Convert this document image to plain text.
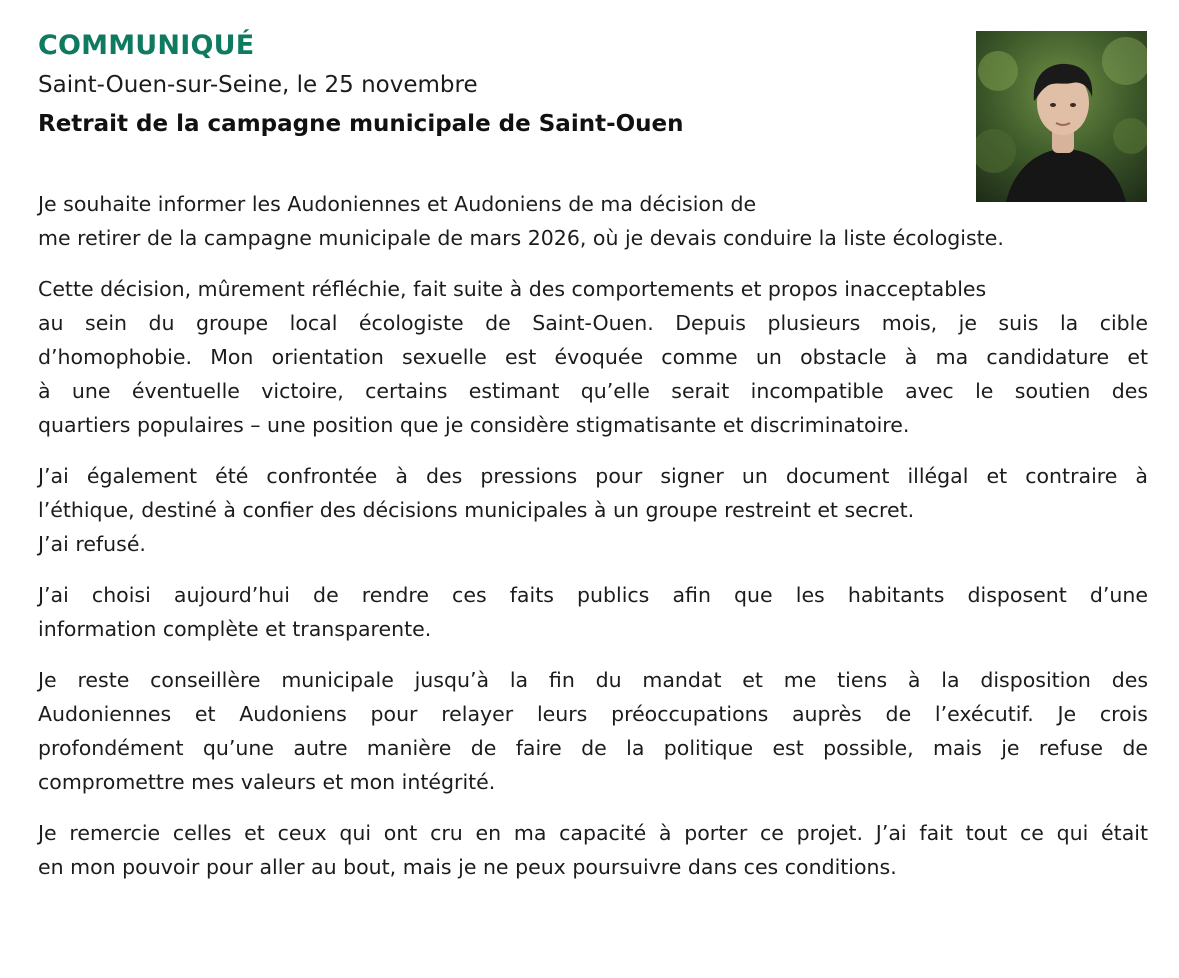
COMMUNIQUÉ
Saint-Ouen-sur-Seine, le 25 novembre
Retrait de la campagne municipale de Saint-Ouen
Je souhaite informer les Audoniennes et Audoniens de ma décision de
me retirer de la campagne municipale de mars 2026, où je devais conduire la liste écologiste.
Cette décision, mûrement réfléchie, fait suite à des comportements et propos inacceptables
au sein du groupe local écologiste de Saint-Ouen. Depuis plusieurs mois, je suis la cible
d’homophobie. Mon orientation sexuelle est évoquée comme un obstacle à ma candidature et
à une éventuelle victoire, certains estimant qu’elle serait incompatible avec le soutien des
quartiers populaires – une position que je considère stigmatisante et discriminatoire.
J’ai également été confrontée à des pressions pour signer un document illégal et contraire à
l’éthique, destiné à confier des décisions municipales à un groupe restreint et secret.
J’ai refusé.
J’ai choisi aujourd’hui de rendre ces faits publics afin que les habitants disposent d’une
information complète et transparente.
Je reste conseillère municipale jusqu’à la fin du mandat et me tiens à la disposition des
Audoniennes et Audoniens pour relayer leurs préoccupations auprès de l’exécutif. Je crois
profondément qu’une autre manière de faire de la politique est possible, mais je refuse de
compromettre mes valeurs et mon intégrité.
Je remercie celles et ceux qui ont cru en ma capacité à porter ce projet. J’ai fait tout ce qui était
en mon pouvoir pour aller au bout, mais je ne peux poursuivre dans ces conditions.
